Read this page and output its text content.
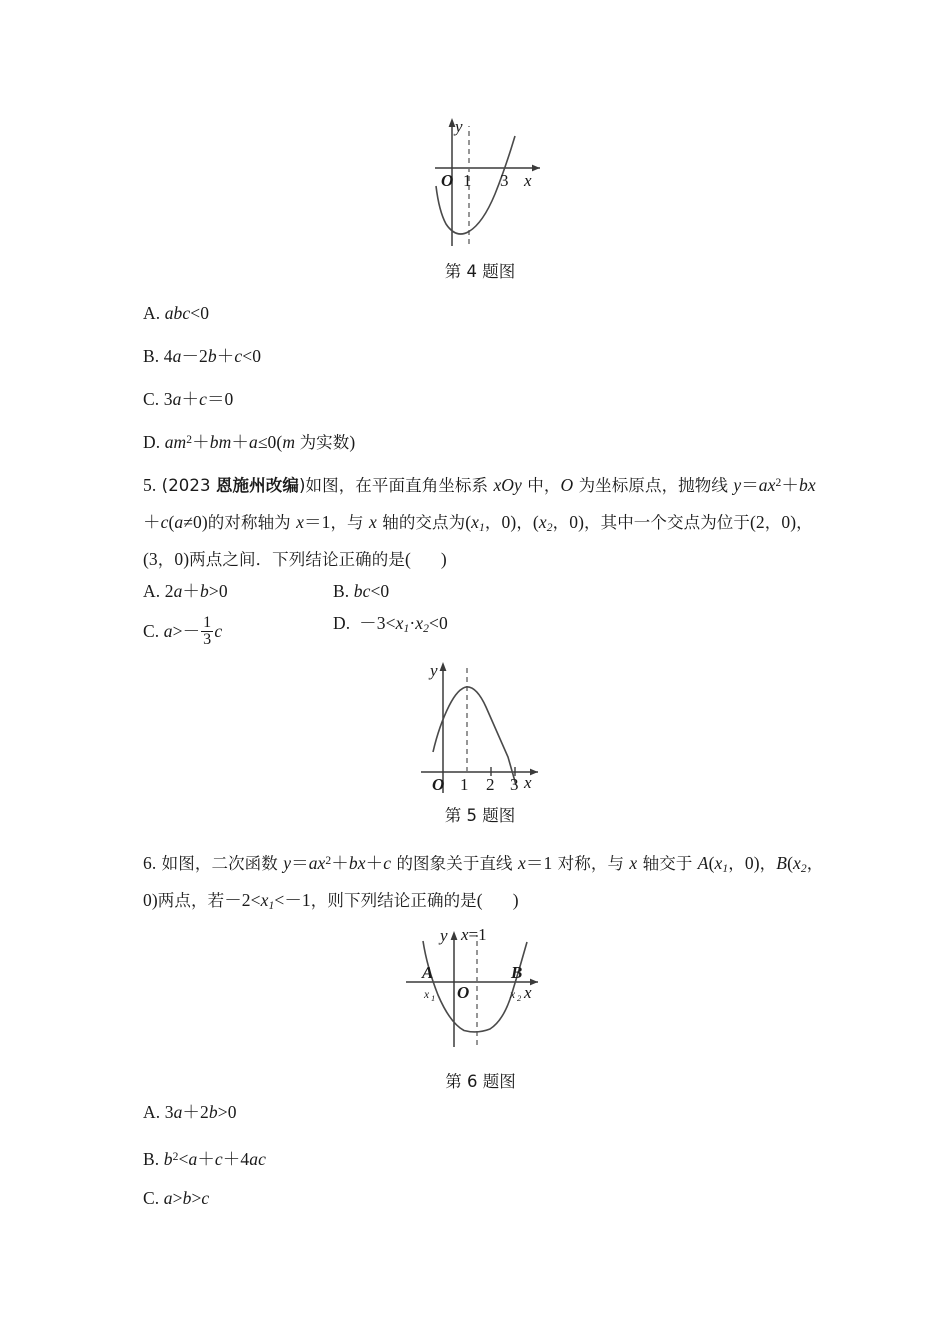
O 1 3
y
x
第 4 题图
A. abc<0
B. 4a－2b＋c<0
C. 3a＋c＝0
D. $am^2+bm+a\le 0(m$ 为实数)
5. (2023 恩施州改编)如图，在平面直角坐标系 xOy 中，O 为坐标原点，抛物线 $y=ax^2+bx$
＋c(a≠0)的对称轴为 x＝1，与 x 轴的交点为($x_1$，0)，($x_2$，0)，其中一个交点为位于(2，0)，
(3，0)两点之间．下列结论正确的是( )
A. 2a＋b>0	B. bc<0
C. $a>- \frac{1}{3}$ c	D.  $-3<x_1\cdot x_2<0$
O 1 2 3
y
x
第 5 题图
6. 如图，二次函数 $y=ax^2+bx+c$ 的图象关于直线 x＝1 对称，与 x 轴交于 $A(x_1$，0)，$B(x_2$，
0)两点，若$-2<x_1<-1$，则下列结论正确的是( )
A	B
O
x 1	x 2
y
x
x=1
第 6 题图
A. 3a＋2b>0
B. $b^2<a+c+4ac$
C. a>b>c
